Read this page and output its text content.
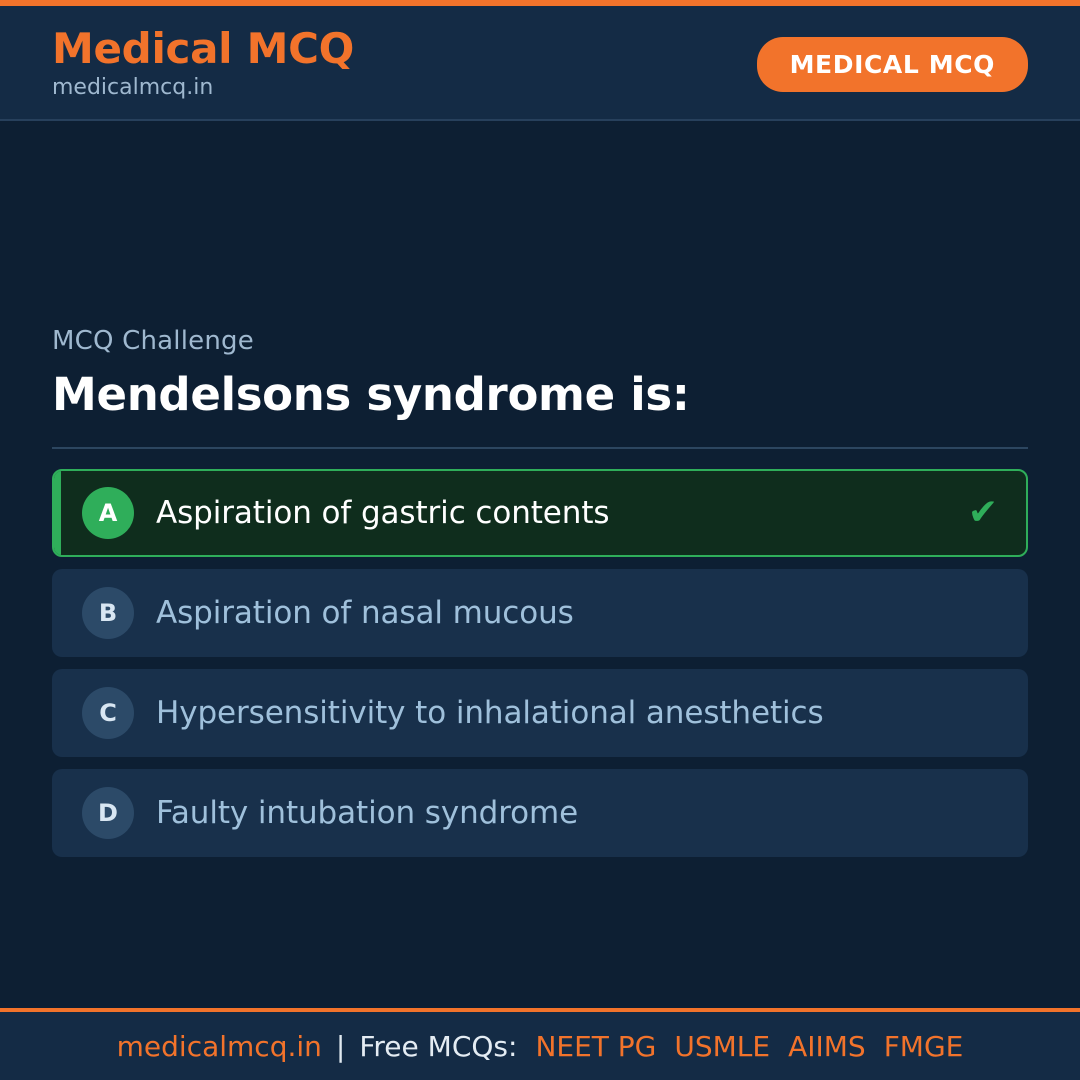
Medical MCQ
medicalmcq.in
MEDICAL MCQ
MCQ Challenge
Mendelsons syndrome is:
A	Aspiration of gastric contents	✔
B	Aspiration of nasal mucous
C	Hypersensitivity to inhalational anesthetics
D	Faulty intubation syndrome
medicalmcq.in | Free MCQs: NEET PG USMLE AIIMS FMGE
